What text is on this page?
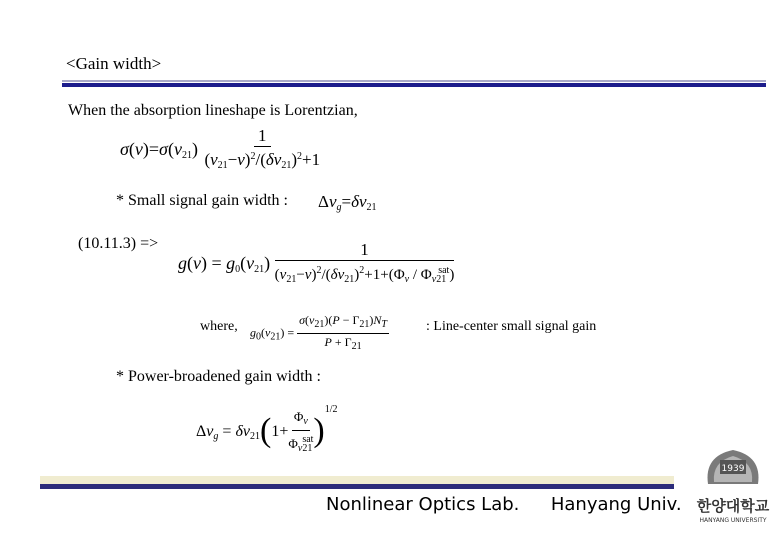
<Gain width>
When the absorption lineshape is Lorentzian,
$\sigma(\nu)=\sigma(\nu_{21}) \frac{1}{(\nu_{21}-\nu)^2/(\delta\nu_{21})^2+1}$
* Small signal gain width : $\Delta\nu_g=\delta\nu_{21}$
(10.11.3) =>
$g(\nu) = g_0(\nu_{21}) \frac{1}{(\nu_{21}-\nu)^2/(\delta\nu_{21})^2+1+(\Phi_\nu / \Phi_{\nu 21}^{sat})}$
where, $g_0(\nu_{21}) = \frac{\sigma(\nu_{21})(P - \Gamma_{21})N_T}{P + \Gamma_{21}}$	: Line-center small signal gain
* Power-broadened gain width :
$\Delta\nu_g = \delta\nu_{21}(1+ \frac{\Phi_\nu}{\Phi_{\nu 21}^{sat}} )^{1/2}$
Nonlinear Optics Lab. Hanyang Univ.
1939
한양대학교
HANYANG UNIVERSITY
